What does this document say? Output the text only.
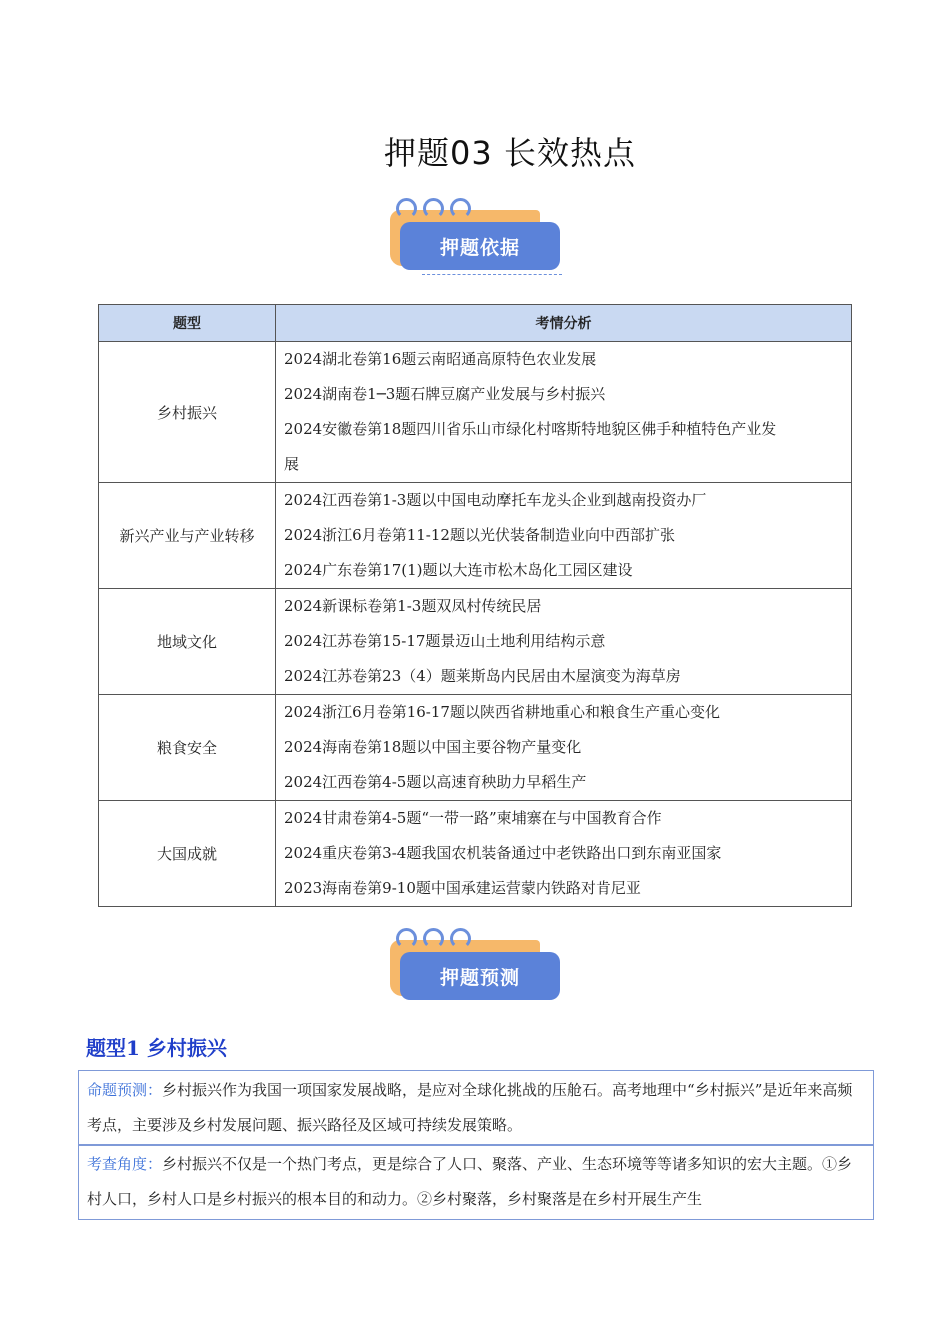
押题03 长效热点
押题依据
题型	考情分析
乡村振兴	2024湖北卷第16题云南昭通高原特色农业发展
2024湖南卷1─3题石牌豆腐产业发展与乡村振兴
2024安徽卷第18题四川省乐山市绿化村喀斯特地貌区佛手种植特色产业发
展

新兴产业与产业转移	2024江西卷第1-3题以中国电动摩托车龙头企业到越南投资办厂
2024浙江6月卷第11-12题以光伏装备制造业向中西部扩张
2024广东卷第17(1)题以大连市松木岛化工园区建设

地域文化	2024新课标卷第1-3题双凤村传统民居
2024江苏卷第15-17题景迈山土地利用结构示意
2024江苏卷第23（4）题莱斯岛内民居由木屋演变为海草房

粮食安全	2024浙江6月卷第16-17题以陕西省耕地重心和粮食生产重心变化
2024海南卷第18题以中国主要谷物产量变化
2024江西卷第4-5题以高速育秧助力早稻生产

大国成就	2024甘肃卷第4-5题“一带一路”柬埔寨在与中国教育合作
2024重庆卷第3-4题我国农机装备通过中老铁路出口到东南亚国家
2023海南卷第9-10题中国承建运营蒙内铁路对肯尼亚
押题预测
题型1 乡村振兴
命题预测：乡村振兴作为我国一项国家发展战略，是应对全球化挑战的压舱石。高考地理中“乡村振兴”是近年来高频考点，主要涉及乡村发展问题、振兴路径及区域可持续发展策略。
考查角度：乡村振兴不仅是一个热门考点，更是综合了人口、聚落、产业、生态环境等等诸多知识的宏大主题。①乡村人口，乡村人口是乡村振兴的根本目的和动力。②乡村聚落，乡村聚落是在乡村开展生产生
